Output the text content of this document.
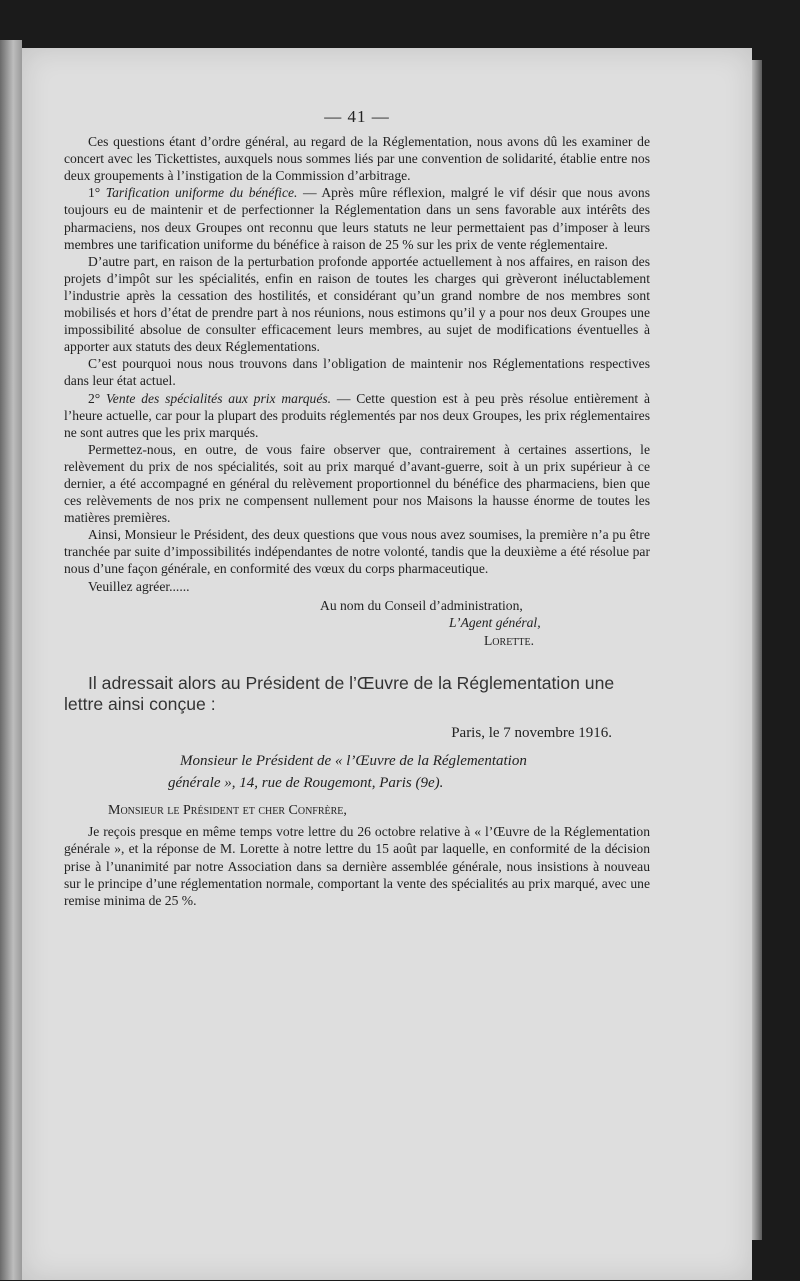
— 41 —

Ces questions étant d’ordre général, au regard de la Réglementation, nous avons dû les examiner de concert avec les Tickettistes, auxquels nous sommes liés par une convention de solidarité, établie entre nos deux groupements à l’instigation de la Commission d’arbitrage.

1° Tarification uniforme du bénéfice. — Après mûre réflexion, malgré le vif désir que nous avons toujours eu de maintenir et de perfectionner la Réglementation dans un sens favorable aux intérêts des pharmaciens, nos deux Groupes ont reconnu que leurs statuts ne leur permettaient pas d’imposer à leurs membres une tarification uniforme du bénéfice à raison de 25 % sur les prix de vente réglementaire.

D’autre part, en raison de la perturbation profonde apportée actuellement à nos affaires, en raison des projets d’impôt sur les spécialités, enfin en raison de toutes les charges qui grèveront inéluctablement l’industrie après la cessation des hostilités, et considérant qu’un grand nombre de nos membres sont mobilisés et hors d’état de prendre part à nos réunions, nous estimons qu’il y a pour nos deux Groupes une impossibilité absolue de consulter efficacement leurs membres, au sujet de modifications éventuelles à apporter aux statuts des deux Réglementations.

C’est pourquoi nous nous trouvons dans l’obligation de maintenir nos Réglementations respectives dans leur état actuel.

2° Vente des spécialités aux prix marqués. — Cette question est à peu près résolue entièrement à l’heure actuelle, car pour la plupart des produits réglementés par nos deux Groupes, les prix réglementaires ne sont autres que les prix marqués.

Permettez-nous, en outre, de vous faire observer que, contrairement à certaines assertions, le relèvement du prix de nos spécialités, soit au prix marqué d’avant-guerre, soit à un prix supérieur à ce dernier, a été accompagné en général du relèvement proportionnel du bénéfice des pharmaciens, bien que ces relèvements de nos prix ne compensent nullement pour nos Maisons la hausse énorme de toutes les matières premières.

Ainsi, Monsieur le Président, des deux questions que vous nous avez soumises, la première n’a pu être tranchée par suite d’impossibilités indépendantes de notre volonté, tandis que la deuxième a été résolue par nous d’une façon générale, en conformité des vœux du corps pharmaceutique.

Veuillez agréer......

Au nom du Conseil d’administration,
L’Agent général,
Lorette.

Il adressait alors au Président de l’Œuvre de la Réglementation une lettre ainsi conçue :

Paris, le 7 novembre 1916.
Monsieur le Président de « l’Œuvre de la Réglementation
générale », 14, rue de Rougemont, Paris (9e).
Monsieur le Président et cher Confrère,

Je reçois presque en même temps votre lettre du 26 octobre relative à « l’Œuvre de la Réglementation générale », et la réponse de M. Lorette à notre lettre du 15 août par laquelle, en conformité de la décision prise à l’unanimité par notre Association dans sa dernière assemblée générale, nous insistions à nouveau sur le principe d’une réglementation normale, comportant la vente des spécialités au prix marqué, avec une remise minima de 25 %.
